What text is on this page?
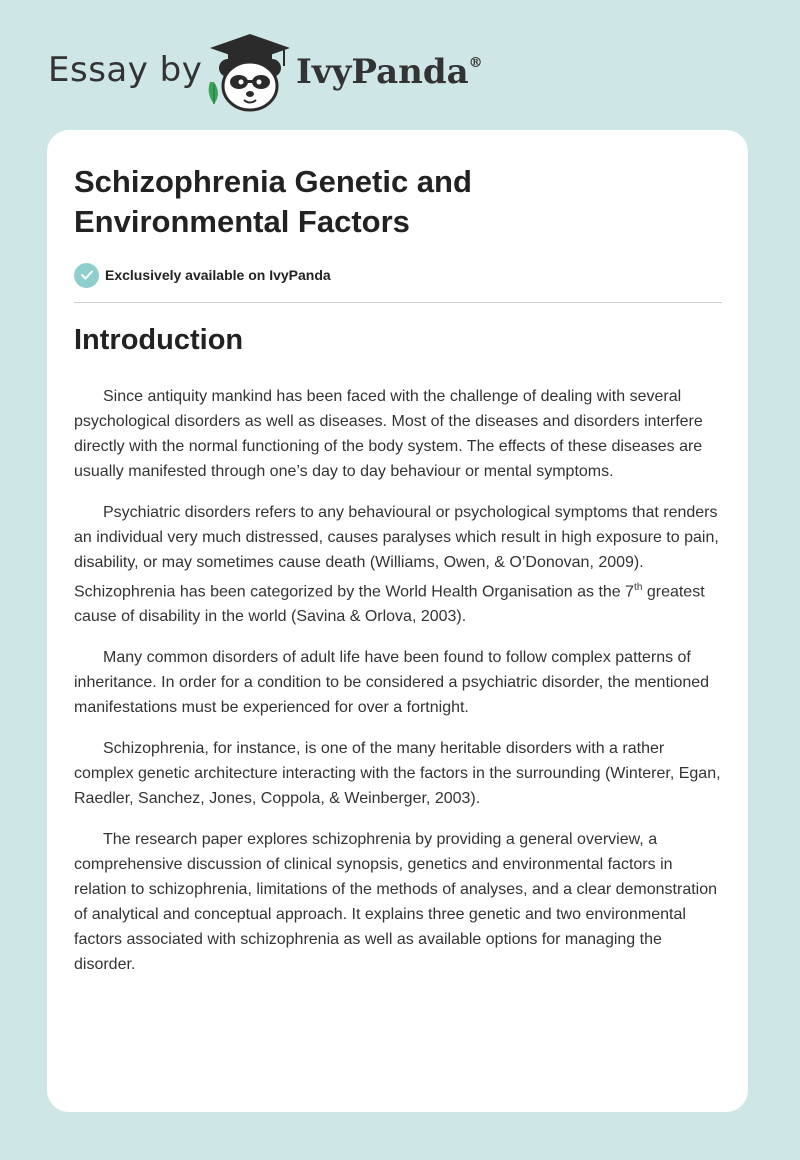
Essay by	IvyPanda®
Schizophrenia Genetic and Environmental Factors
Exclusively available on IvyPanda
Introduction

Since antiquity mankind has been faced with the challenge of dealing with several psychological disorders as well as diseases. Most of the diseases and disorders interfere directly with the normal functioning of the body system. The effects of these diseases are usually manifested through one’s day to day behaviour or mental symptoms.

Psychiatric disorders refers to any behavioural or psychological symptoms that renders an individual very much distressed, causes paralyses which result in high exposure to pain, disability, or may sometimes cause death (Williams, Owen, & O’Donovan, 2009). Schizophrenia has been categorized by the World Health Organisation as the 7th greatest cause of disability in the world (Savina & Orlova, 2003).

Many common disorders of adult life have been found to follow complex patterns of inheritance. In order for a condition to be considered a psychiatric disorder, the mentioned manifestations must be experienced for over a fortnight.

Schizophrenia, for instance, is one of the many heritable disorders with a rather complex genetic architecture interacting with the factors in the surrounding (Winterer, Egan, Raedler, Sanchez, Jones, Coppola, & Weinberger, 2003).

The research paper explores schizophrenia by providing a general overview, a comprehensive discussion of clinical synopsis, genetics and environmental factors in relation to schizophrenia, limitations of the methods of analyses, and a clear demonstration of analytical and conceptual approach. It explains three genetic and two environmental factors associated with schizophrenia as well as available options for managing the disorder.
